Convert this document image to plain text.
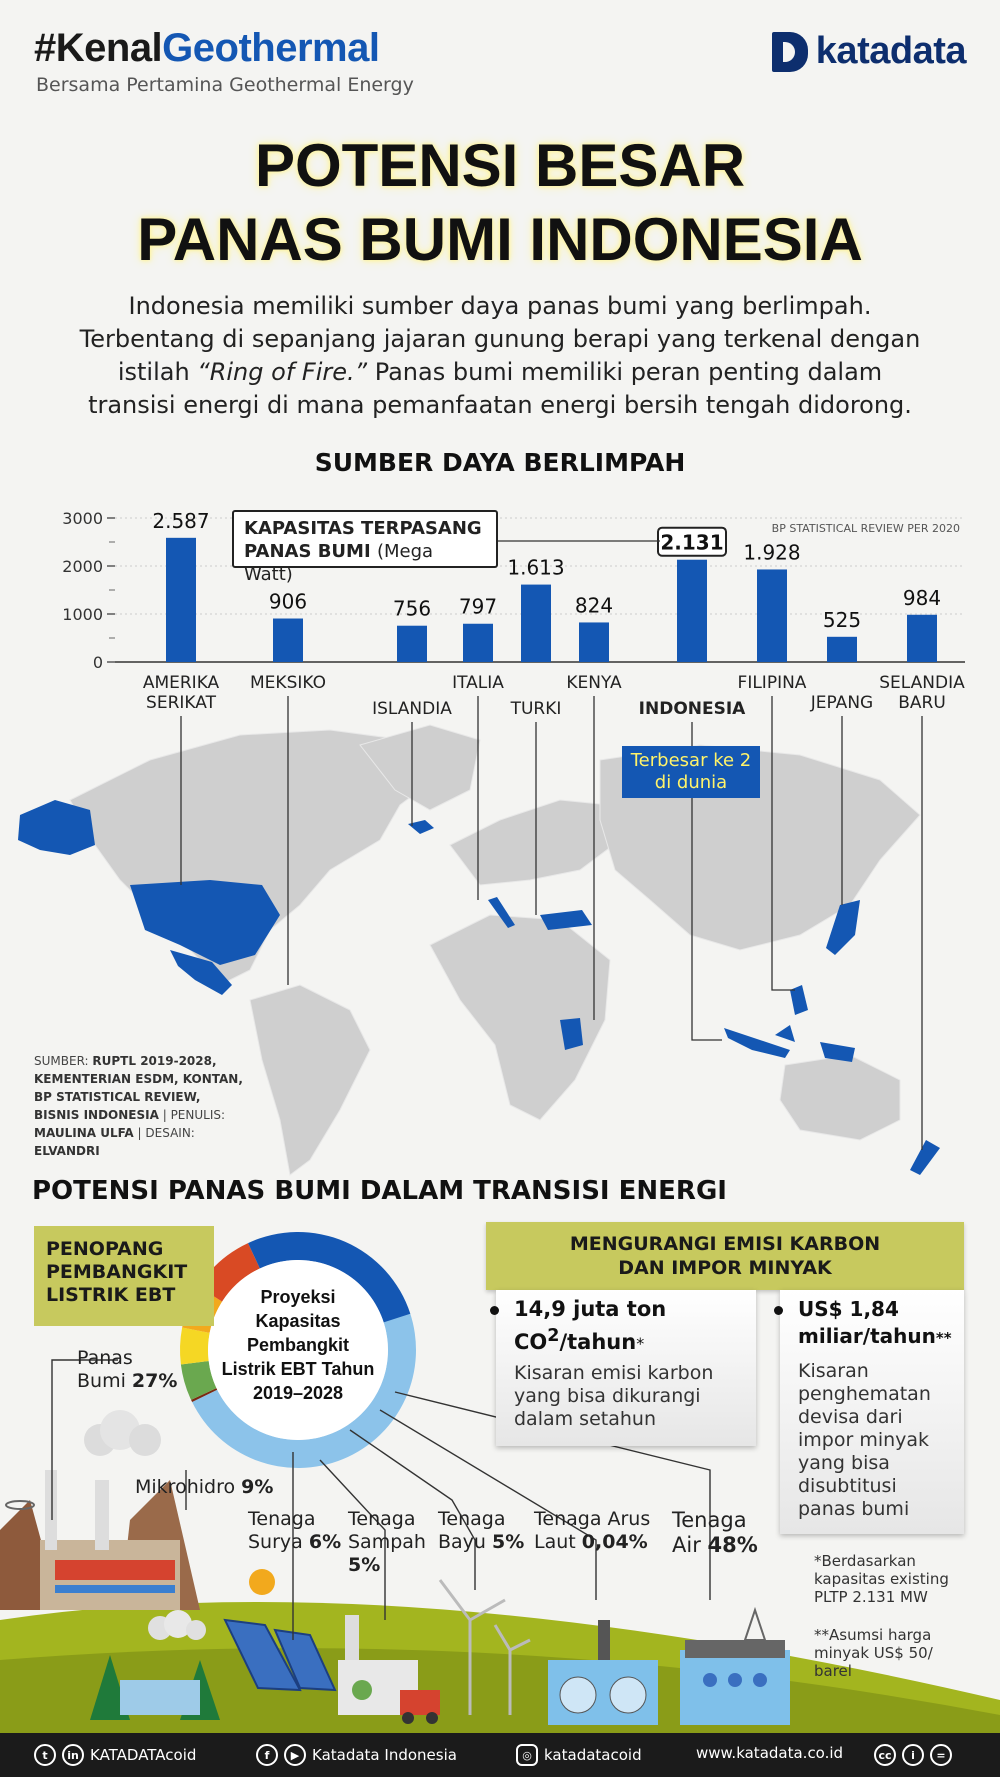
#KenalGeothermal
Bersama Pertamina Geothermal Energy
katadata
POTENSI BESAR
PANAS BUMI INDONESIA
Indonesia memiliki sumber daya panas bumi yang berlimpah.
Terbentang di sepanjang jajaran gunung berapi yang terkenal dengan
istilah “Ring of Fire.” Panas bumi memiliki peran penting dalam
transisi energi di mana pemanfaatan energi bersih tengah didorong.
SUMBER DAYA BERLIMPAH
0
1000
2000
3000 2.587
AMERIKA
SERIKAT
906
MEKSIKO
756
ISLANDIA
797
ITALIA
1.613
TURKI
824
KENYA
2.131
INDONESIA
1.928
FILIPINA
525
JEPANG
984
SELANDIA
BARU
KAPASITAS TERPASANG
PANAS BUMI (Mega Watt)
BP STATISTICAL REVIEW PER 2020
Terbesar ke 2
di dunia
SUMBER: RUPTL 2019-2028, KEMENTERIAN ESDM, KONTAN, BP STATISTICAL REVIEW, BISNIS INDONESIA | PENULIS: MAULINA ULFA | DESAIN: ELVANDRI
POTENSI PANAS BUMI DALAM TRANSISI ENERGI
PENOPANG
PEMBANGKIT
LISTRIK EBT	Proyeksi
Kapasitas
Pembangkit
Listrik EBT Tahun
2019–2028
Panas
Bumi 27%
Mikrohidro 9%
Tenaga
Surya 6%
Tenaga
Sampah
5%
Tenaga
Bayu 5%
Tenaga Arus
Laut 0,04%
Tenaga
Air 48%
MENGURANGI EMISI KARBON
DAN IMPOR MINYAK
14,9 juta ton
$CO^2/tahun*$
Kisaran emisi karbon
yang bisa dikurangi
dalam setahun
US$ 1,84
miliar/tahun**
Kisaran
penghematan
devisa dari
impor minyak
yang bisa
disubtitusi
panas bumi
*Berdasarkan
kapasitas existing
PLTP 2.131 MW
**Asumsi harga
minyak US$ 50/
barel
t	in KATADATAcoid	f	▶ Katadata Indonesia	◎ katadatacoid	www.katadata.co.id	cc	i	=
